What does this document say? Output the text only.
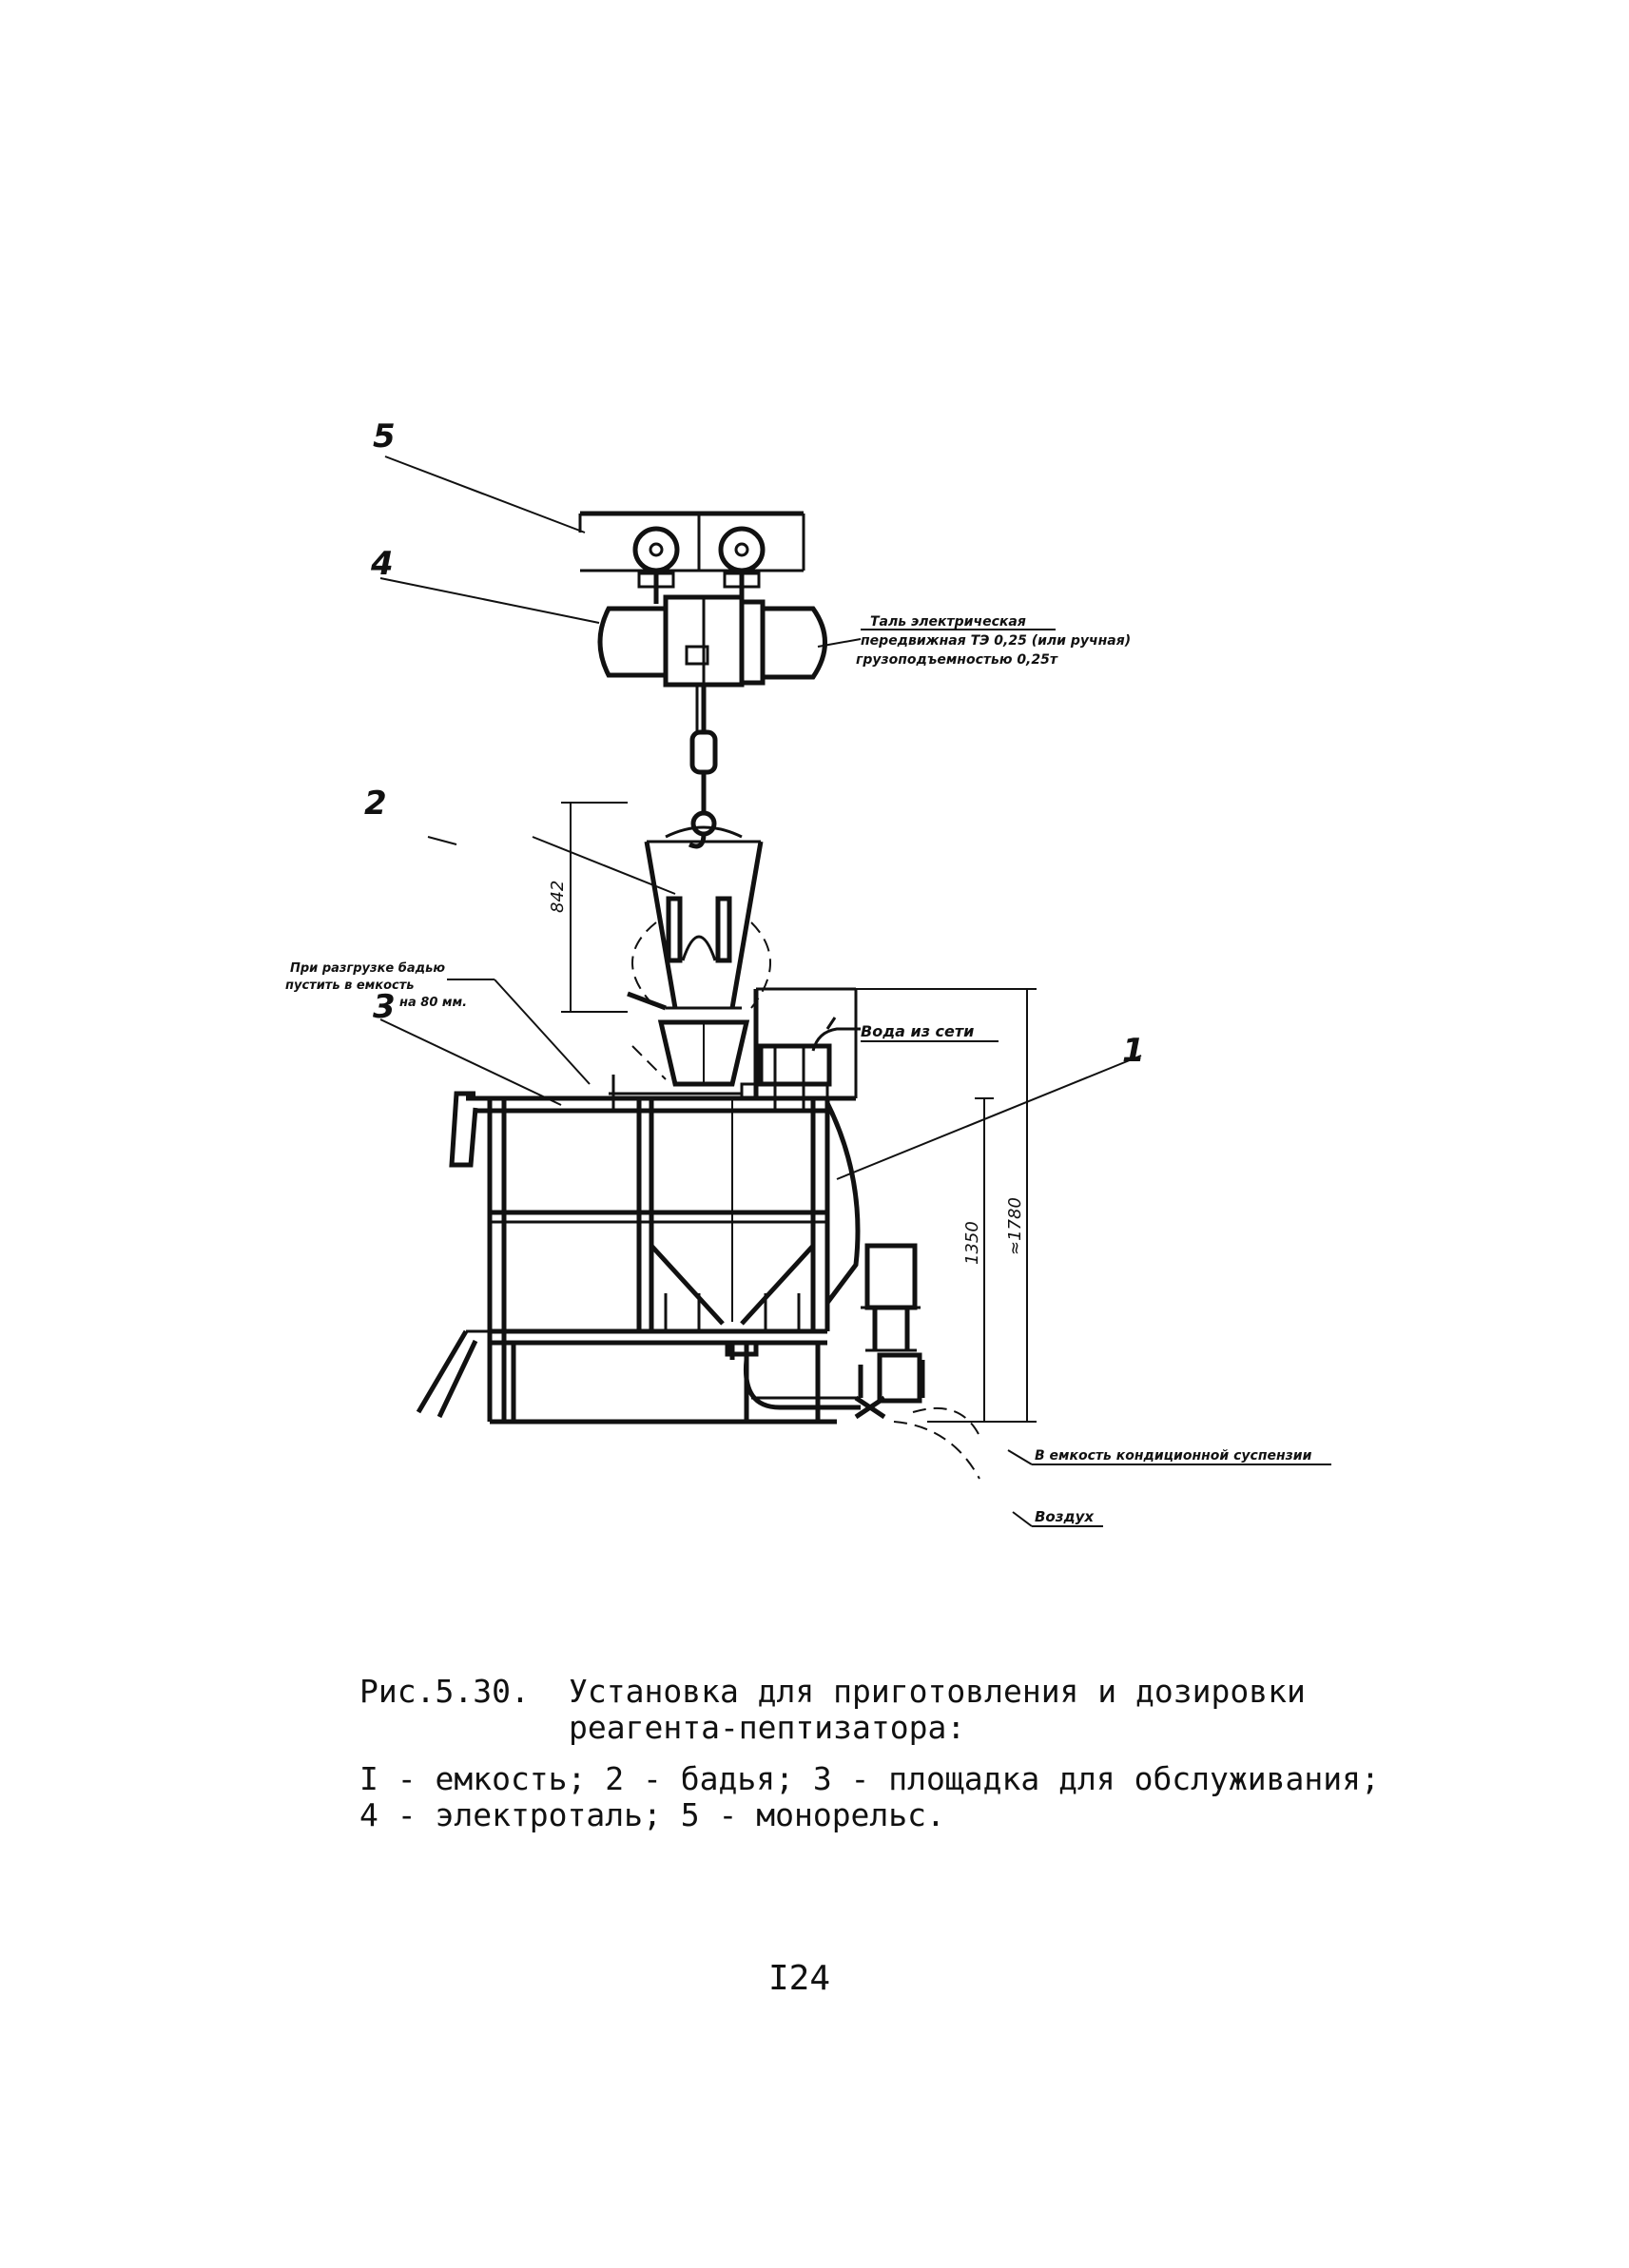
5
4
2
3
1
Таль электрическая
передвижная ТЭ 0,25 (или ручная)
грузоподъемностью 0,25т
При разгрузке бадью
пустить в емкость
на 80 мм.
Вода из сети
В емкость кондиционной суспензии
Воздух
842
1350 ≈1780
Рис.5.30.	Установка для приготовления и дозировки
реагента-пептизатора:
I - емкость; 2 - бадья; 3 - площадка для обслуживания;
4 - электроталь; 5 - монорельс.
I24
